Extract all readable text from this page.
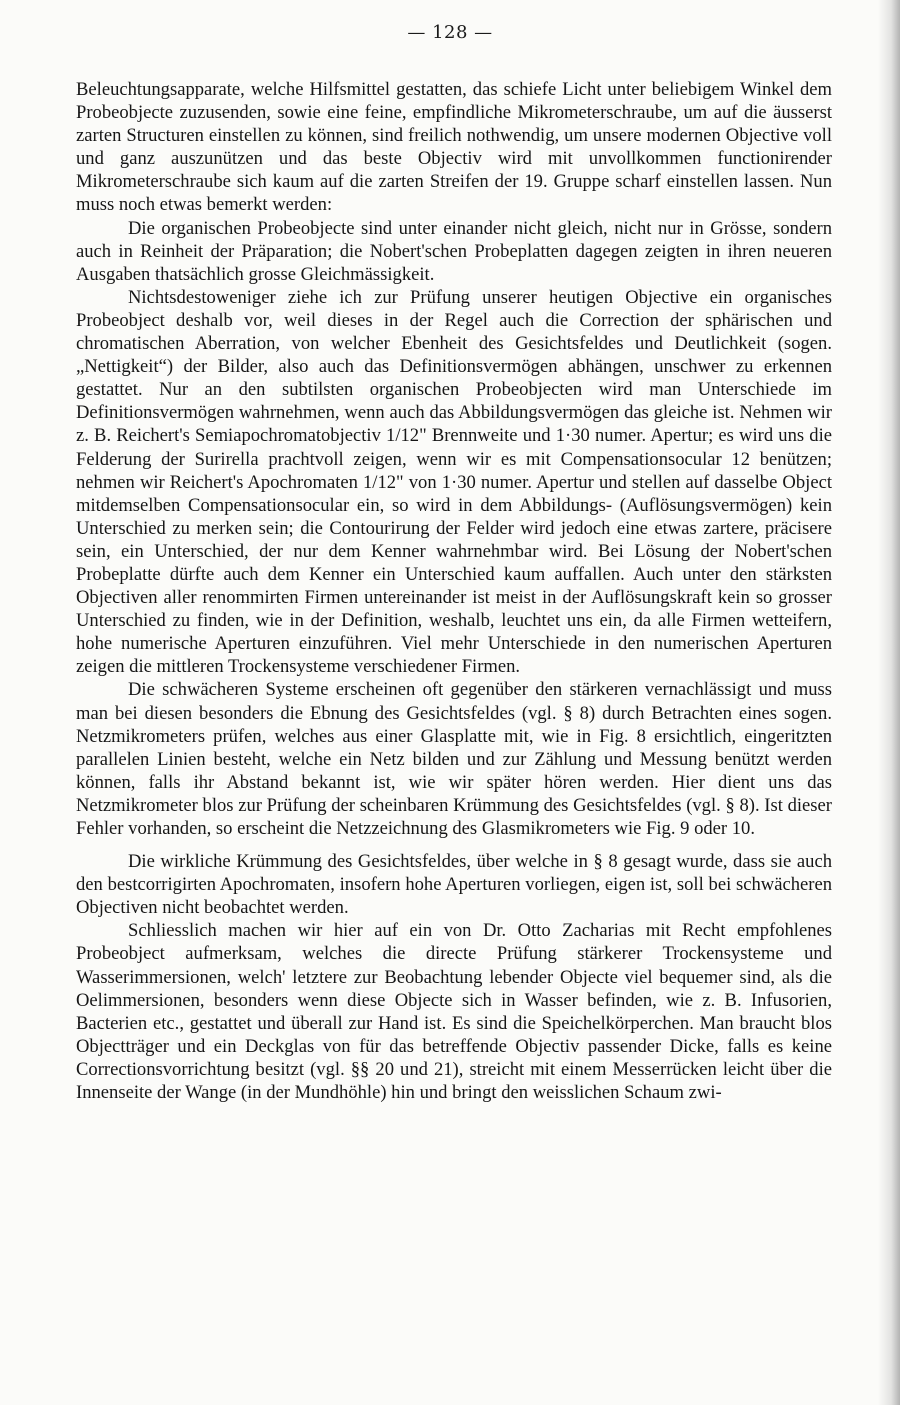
— 128 —

Beleuchtungsapparate, welche Hilfsmittel gestatten, das schiefe Licht unter beliebigem Winkel dem Probeobjecte zuzusenden, sowie eine feine, empfindliche Mikrometerschraube, um auf die äusserst zarten Structuren einstellen zu können, sind freilich nothwendig, um unsere modernen Objective voll und ganz auszunützen und das beste Objectiv wird mit unvollkommen functionirender Mikrometerschraube sich kaum auf die zarten Streifen der 19. Gruppe scharf einstellen lassen. Nun muss noch etwas bemerkt werden:

Die organischen Probeobjecte sind unter einander nicht gleich, nicht nur in Grösse, sondern auch in Reinheit der Präparation; die Nobert'schen Probeplatten dagegen zeigten in ihren neueren Ausgaben thatsächlich grosse Gleichmässigkeit.

Nichtsdestoweniger ziehe ich zur Prüfung unserer heutigen Objective ein organisches Probeobject deshalb vor, weil dieses in der Regel auch die Correction der sphärischen und chromatischen Aberration, von welcher Ebenheit des Gesichtsfeldes und Deutlichkeit (sogen. „Nettigkeit“) der Bilder, also auch das Definitionsvermögen abhängen, unschwer zu erkennen gestattet. Nur an den subtilsten organischen Probeobjecten wird man Unterschiede im Definitionsvermögen wahrnehmen, wenn auch das Abbildungsvermögen das gleiche ist. Nehmen wir z. B. Reichert's Semiapochromatobjectiv 1/12" Brennweite und 1·30 numer. Apertur; es wird uns die Felderung der Surirella prachtvoll zeigen, wenn wir es mit Compensationsocular 12 benützen; nehmen wir Reichert's Apochromaten 1/12" von 1·30 numer. Apertur und stellen auf dasselbe Object mitdemselben Compensationsocular ein, so wird in dem Abbildungs- (Auflösungsvermögen) kein Unterschied zu merken sein; die Contourirung der Felder wird jedoch eine etwas zartere, präcisere sein, ein Unterschied, der nur dem Kenner wahrnehmbar wird. Bei Lösung der Nobert'schen Probeplatte dürfte auch dem Kenner ein Unterschied kaum auffallen. Auch unter den stärksten Objectiven aller renommirten Firmen untereinander ist meist in der Auflösungskraft kein so grosser Unterschied zu finden, wie in der Definition, weshalb, leuchtet uns ein, da alle Firmen wetteifern, hohe numerische Aperturen einzuführen. Viel mehr Unterschiede in den numerischen Aperturen zeigen die mittleren Trockensysteme verschiedener Firmen.

Die schwächeren Systeme erscheinen oft gegenüber den stärkeren vernachlässigt und muss man bei diesen besonders die Ebnung des Gesichtsfeldes (vgl. § 8) durch Betrachten eines sogen. Netzmikrometers prüfen, welches aus einer Glasplatte mit, wie in Fig. 8 ersichtlich, eingeritzten parallelen Linien besteht, welche ein Netz bilden und zur Zählung und Messung benützt werden können, falls ihr Abstand bekannt ist, wie wir später hören werden. Hier dient uns das Netzmikrometer blos zur Prüfung der scheinbaren Krümmung des Gesichtsfeldes (vgl. § 8). Ist dieser Fehler vorhanden, so erscheint die Netzzeichnung des Glasmikrometers wie Fig. 9 oder 10.

Die wirkliche Krümmung des Gesichtsfeldes, über welche in § 8 gesagt wurde, dass sie auch den bestcorrigirten Apochromaten, insofern hohe Aperturen vorliegen, eigen ist, soll bei schwächeren Objectiven nicht beobachtet werden.

Schliesslich machen wir hier auf ein von Dr. Otto Zacharias mit Recht empfohlenes Probeobject aufmerksam, welches die directe Prüfung stärkerer Trockensysteme und Wasserimmersionen, welch' letztere zur Beobachtung lebender Objecte viel bequemer sind, als die Oelimmersionen, besonders wenn diese Objecte sich in Wasser befinden, wie z. B. Infusorien, Bacterien etc., gestattet und überall zur Hand ist. Es sind die Speichelkörperchen. Man braucht blos Objectträger und ein Deckglas von für das betreffende Objectiv passender Dicke, falls es keine Correctionsvorrichtung besitzt (vgl. §§ 20 und 21), streicht mit einem Messerrücken leicht über die Innenseite der Wange (in der Mundhöhle) hin und bringt den weisslichen Schaum zwi-
